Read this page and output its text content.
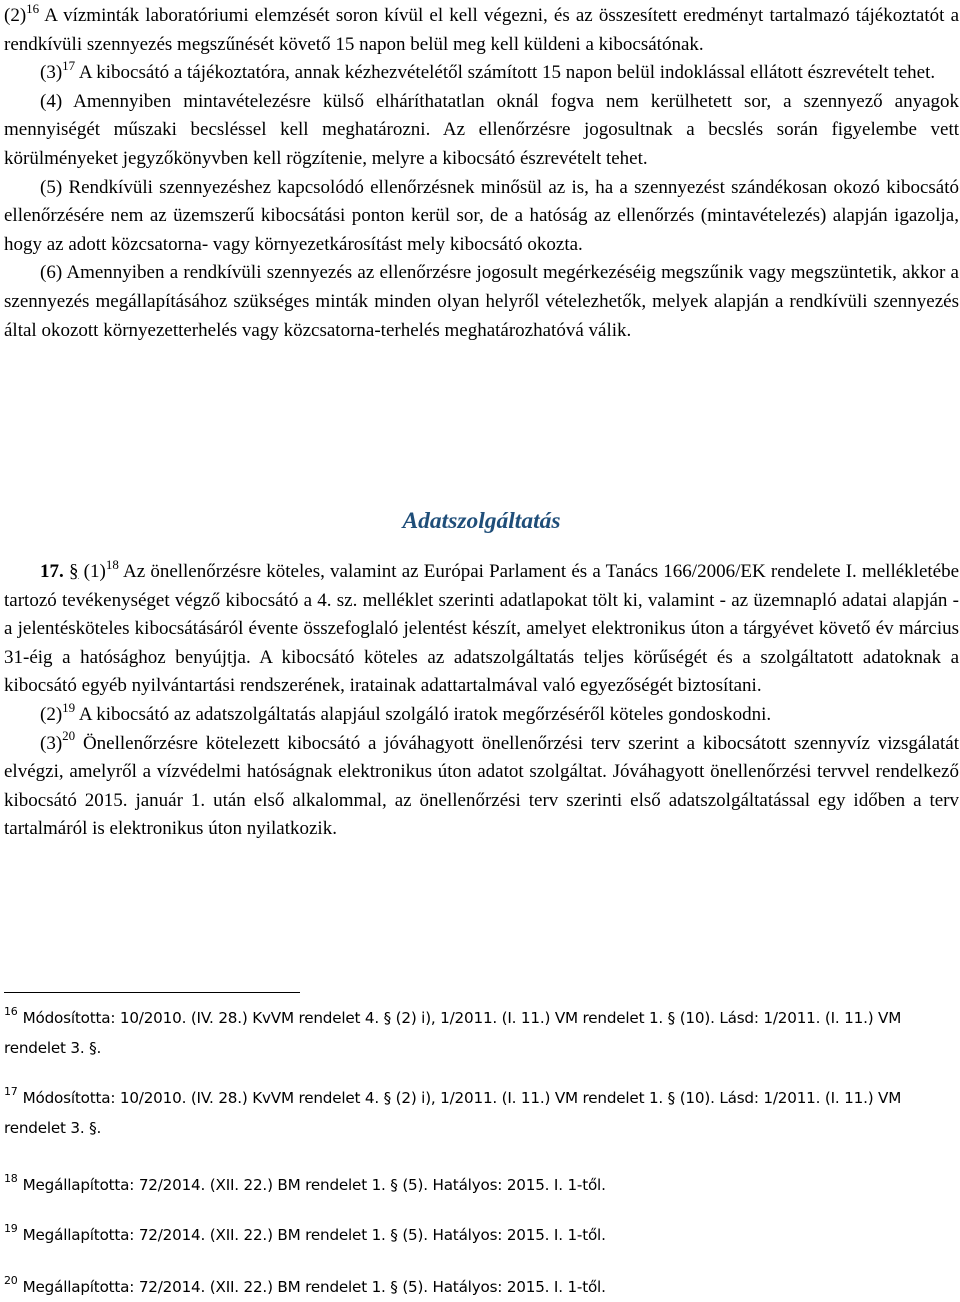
$(2)^{16}$ A vízminták laboratóriumi elemzését soron kívül el kell végezni, és az összesített eredményt tartalmazó tájékoztatót a rendkívüli szennyezés megszűnését követő 15 napon belül meg kell küldeni a kibocsátónak.

$(3)^{17}$ A kibocsátó a tájékoztatóra, annak kézhezvételétől számított 15 napon belül indoklással ellátott észrevételt tehet.

(4) Amennyiben mintavételezésre külső elháríthatatlan oknál fogva nem kerülhetett sor, a szennyező anyagok mennyiségét műszaki becsléssel kell meghatározni. Az ellenőrzésre jogosultnak a becslés során figyelembe vett körülményeket jegyzőkönyvben kell rögzítenie, melyre a kibocsátó észrevételt tehet.

(5) Rendkívüli szennyezéshez kapcsolódó ellenőrzésnek minősül az is, ha a szennyezést szándékosan okozó kibocsátó ellenőrzésére nem az üzemszerű kibocsátási ponton kerül sor, de a hatóság az ellenőrzés (mintavételezés) alapján igazolja, hogy az adott közcsatorna- vagy környezetkárosítást mely kibocsátó okozta.

(6) Amennyiben a rendkívüli szennyezés az ellenőrzésre jogosult megérkezéséig megszűnik vagy megszüntetik, akkor a szennyezés megállapításához szükséges minták minden olyan helyről vételezhetők, melyek alapján a rendkívüli szennyezés által okozott környezetterhelés vagy közcsatorna-terhelés meghatározhatóvá válik.

Adatszolgáltatás

17. § $(1)^{18}$ Az önellenőrzésre köteles, valamint az Európai Parlament és a Tanács 166/2006/EK rendelete I. mellékletébe tartozó tevékenységet végző kibocsátó a 4. sz. melléklet szerinti adatlapokat tölt ki, valamint - az üzemnapló adatai alapján - a jelentésköteles kibocsátásáról évente összefoglaló jelentést készít, amelyet elektronikus úton a tárgyévet követő év március 31-éig a hatósághoz benyújtja. A kibocsátó köteles az adatszolgáltatás teljes körűségét és a szolgáltatott adatoknak a kibocsátó egyéb nyilvántartási rendszerének, iratainak adattartalmával való egyezőségét biztosítani.

$(2)^{19}$ A kibocsátó az adatszolgáltatás alapjául szolgáló iratok megőrzéséről köteles gondoskodni.

$(3)^{20}$ Önellenőrzésre kötelezett kibocsátó a jóváhagyott önellenőrzési terv szerint a kibocsátott szennyvíz vizsgálatát elvégzi, amelyről a vízvédelmi hatóságnak elektronikus úton adatot szolgáltat. Jóváhagyott önellenőrzési tervvel rendelkező kibocsátó 2015. január 1. után első alkalommal, az önellenőrzési terv szerinti első adatszolgáltatással egy időben a terv tartalmáról is elektronikus úton nyilatkozik.

$^{16}$ Módosította: 10/2010. (IV. 28.) KvVM rendelet 4. § (2) i), 1/2011. (I. 11.) VM rendelet 1. § (10). Lásd: 1/2011. (I. 11.) VM rendelet 3. §.

$^{17}$ Módosította: 10/2010. (IV. 28.) KvVM rendelet 4. § (2) i), 1/2011. (I. 11.) VM rendelet 1. § (10). Lásd: 1/2011. (I. 11.) VM rendelet 3. §.

$^{18}$ Megállapította: 72/2014. (XII. 22.) BM rendelet 1. § (5). Hatályos: 2015. I. 1-től.

$^{19}$ Megállapította: 72/2014. (XII. 22.) BM rendelet 1. § (5). Hatályos: 2015. I. 1-től.

$^{20}$ Megállapította: 72/2014. (XII. 22.) BM rendelet 1. § (5). Hatályos: 2015. I. 1-től.
